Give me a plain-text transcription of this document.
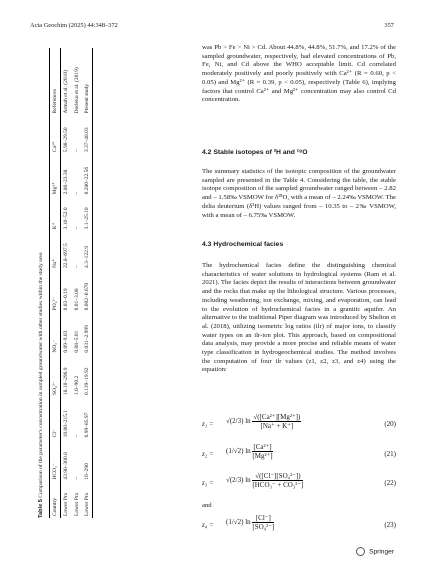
Acta Geochim (2025) 44:348–372	357
Table 5 Comparison of the parameter's concentration in sampled groundwater with other studies within the study area
Country	HCO₃⁻	Cl⁻	SO₄²⁻	NO₃⁻	PO₄³⁻	Na⁺	K⁺	Mg²⁺	Ca²⁺	References
Lower Pra	43.90–300.8	10.00–215.1	18.10–296.9	0.09–9.03	0.02–0.19	22.8–697.5	3.10–52.0	2.86–23.38	5.98–29.50	Armah et al. (2010)
Lower Pra	–	–	1.6–90.2	0.08–5.01	0.01–3.08	–	–	–	–	Dorleku et al. (2019)
Lower Pra	16–290	6.99–85.97	0.139–19.92	0.031–2.999	0.002–0.670	4.3–122.9	3.1–25.10	0.280–22.56	3.37–48.03	Present study
was Pb > Fe > Ni > Cd. About 44.8%, 44.8%, 51.7%, and 17.2% of the sampled groundwater, respectively, had elevated concentrations of Pb, Fe, Ni, and Cd above the WHO acceptable limit. Cd correlated moderately positively and poorly positively with Ca²⁺ (R = 0.60, p < 0.05) and Mg²⁺ (R = 0.39, p < 0.05), respectively (Table 6), implying factors that control Ca²⁺ and Mg²⁺ concentration may also control Cd concentration.
4.2 Stable isotopes of ²H and ¹⁸O
The summary statistics of the isotopic composition of the groundwater sampled are presented in the Table 4. Considering the table, the stable isotope composition of the sampled groundwater ranged between – 2.82 and – 1.58‰ VSMOW for δ¹⁸O, with a mean of – 2.24‰ VSMOW. The delta deuterium (δ²H) values ranged from – 10.35 to – 2‰ VSMOW, with a mean of – 6.75‰ VSMOW.
4.3 Hydrochemical facies
The hydrochemical facies define the distinguishing chemical characteristics of water solutions in hydrological systems (Ram et al. 2021). The facies depict the results of interactions between groundwater and the rocks that make up the lithological structure. Various processes, including weathering, ion exchange, mixing, and evaporation, can lead to the evolution of hydrochemical facies in a granitic aquifer. An alternative to the traditional Piper diagram was introduced by Shelton et al. (2018), utilizing isometric log ratios (ilr) of major ions, to classify water types on an ilr-ion plot. This approach, based on compositional data analysis, may provide a more precise and reliable means of water type classification in hydrogeochemical studies. The method involves the computation of four ilr values (z1, z2, z3, and z4) using the equation:
z₁ = √(2/3) $\ln \frac{\text{√([Ca²⁺][Mg²⁺])}}{[Na^+ + K^+]}$	(20)
z₂ = (1/√2) $\ln \frac{\text{[Ca²⁺]}}{\text{[Mg²⁺]}}$	(21)
z₃ = √(2/3) $\ln \frac{\text{√([Cl⁻][SO₄²⁻])}}{\text{[HCO₃⁻ + CO₃²⁻]}}$	(22)
and
z₄ = (1/√2) $\ln \frac{[Cl^-]}{\text{[SO₄²⁻]}}$	(23)
Springer
